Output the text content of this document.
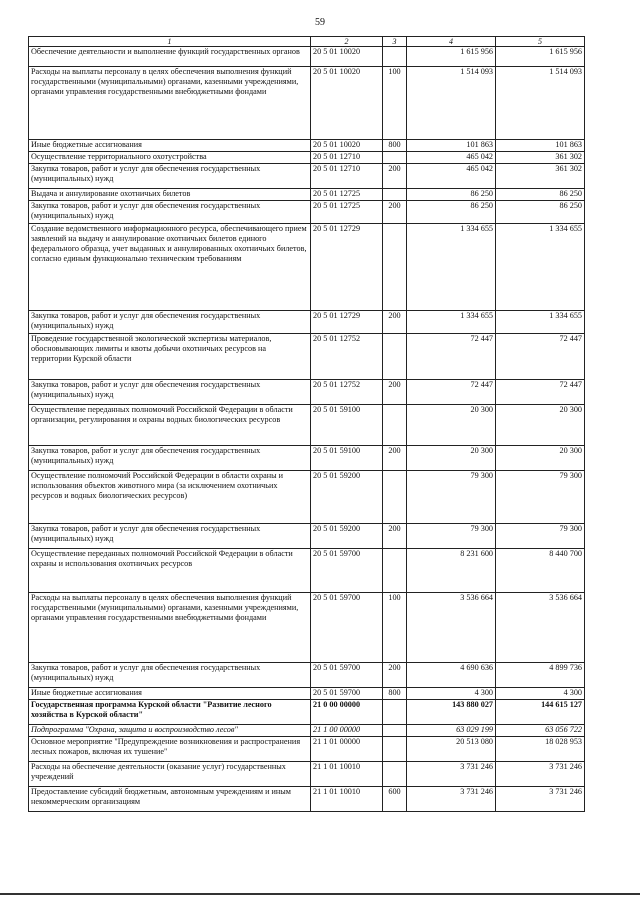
59
1	2	3	4	5
Обеспечение деятельности и выполнение функций государственных органов	20 5 01 10020		1 615 956	1 615 956
Расходы на выплаты персоналу в целях обеспечения выполнения функций государственными (муниципальными) органами, казенными учреждениями, органами управления государственными внебюджетными фондами	20 5 01 10020	100	1 514 093	1 514 093
Иные бюджетные ассигнования	20 5 01 10020	800	101 863	101 863
Осуществление территориального охотустройства	20 5 01 12710		465 042	361 302
Закупка товаров, работ и услуг для обеспечения государственных (муниципальных) нужд	20 5 01 12710	200	465 042	361 302
Выдача и аннулирование охотничьих билетов	20 5 01 12725		86 250	86 250
Закупка товаров, работ и услуг для обеспечения государственных (муниципальных) нужд	20 5 01 12725	200	86 250	86 250
Создание ведомственного информационного ресурса, обеспечивающего прием заявлений на выдачу и аннулирование охотничьих билетов единого федерального образца, учет выданных и аннулированных охотничьих билетов, согласно единым функционально техническим требованиям	20 5 01 12729		1 334 655	1 334 655
Закупка товаров, работ и услуг для обеспечения государственных (муниципальных) нужд	20 5 01 12729	200	1 334 655	1 334 655
Проведение государственной экологической экспертизы материалов, обосновывающих лимиты и квоты добычи охотничьих ресурсов на территории Курской области	20 5 01 12752		72 447	72 447
Закупка товаров, работ и услуг для обеспечения государственных (муниципальных) нужд	20 5 01 12752	200	72 447	72 447
Осуществление переданных полномочий Российской Федерации в области организации, регулирования и охраны водных биологических ресурсов	20 5 01 59100		20 300	20 300
Закупка товаров, работ и услуг для обеспечения государственных (муниципальных) нужд	20 5 01 59100	200	20 300	20 300
Осуществление полномочий Российской Федерации в области охраны и использования объектов животного мира (за исключением охотничьих ресурсов и водных биологических ресурсов)	20 5 01 59200		79 300	79 300
Закупка товаров, работ и услуг для обеспечения государственных (муниципальных) нужд	20 5 01 59200	200	79 300	79 300
Осуществление переданных полномочий Российской Федерации в области охраны и использования охотничьих ресурсов	20 5 01 59700		8 231 600	8 440 700
Расходы на выплаты персоналу в целях обеспечения выполнения функций государственными (муниципальными) органами, казенными учреждениями, органами управления государственными внебюджетными фондами	20 5 01 59700	100	3 536 664	3 536 664
Закупка товаров, работ и услуг для обеспечения государственных (муниципальных) нужд	20 5 01 59700	200	4 690 636	4 899 736
Иные бюджетные ассигнования	20 5 01 59700	800	4 300	4 300
Государственная программа Курской области "Развитие лесного хозяйства в Курской области"	21 0 00 00000		143 880 027	144 615 127
Подпрограмма "Охрана, защита и воспроизводство лесов"	21 1 00 00000		63 029 199	63 056 722
Основное мероприятие "Предупреждение возникновения и распространения лесных пожаров, включая их тушение"	21 1 01 00000		20 513 080	18 028 953
Расходы на обеспечение деятельности (оказание услуг) государственных учреждений	21 1 01 10010		3 731 246	3 731 246
Предоставление субсидий бюджетным, автономным учреждениям и иным некоммерческим организациям	21 1 01 10010	600	3 731 246	3 731 246
